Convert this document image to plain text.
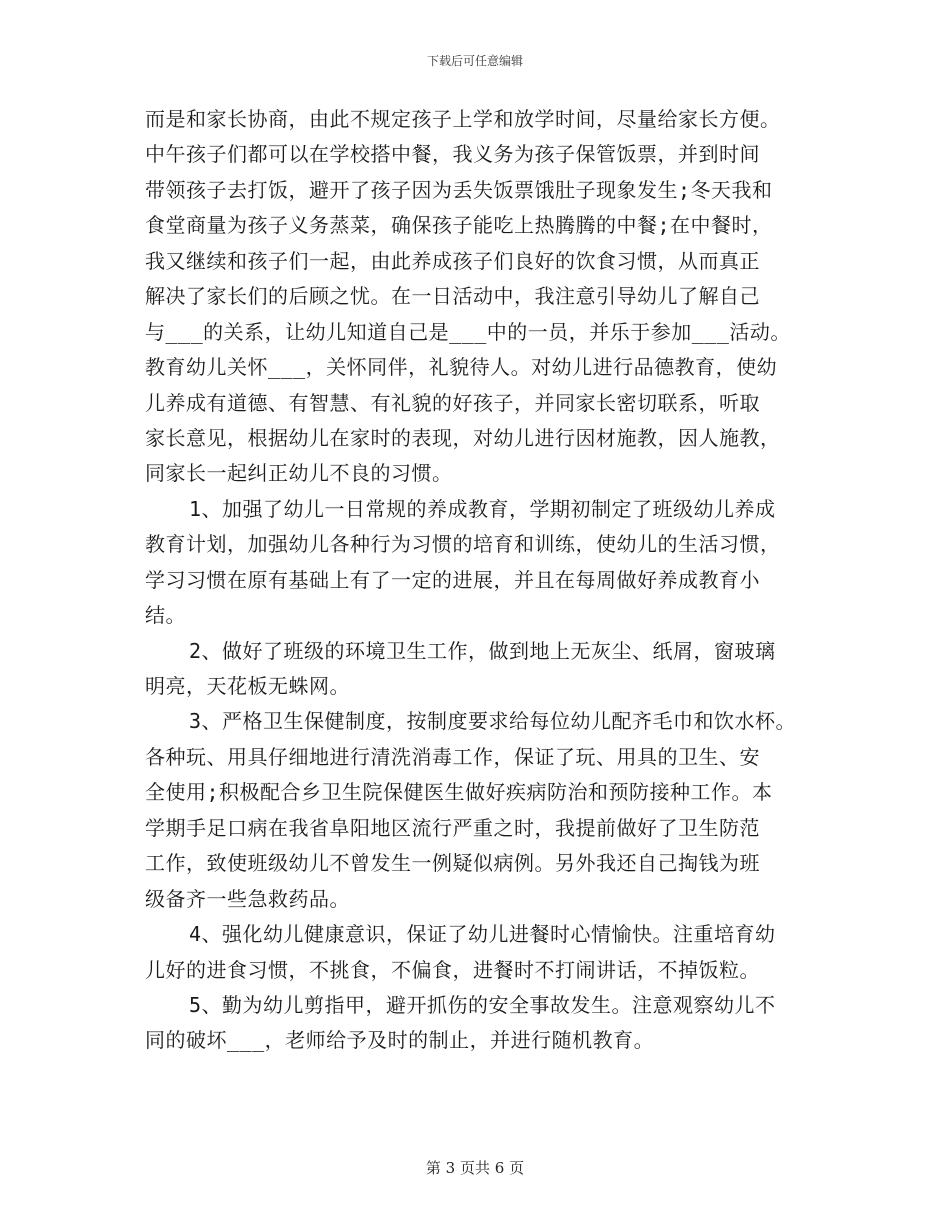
下载后可任意编辑
而是和家长协商，由此不规定孩子上学和放学时间，尽量给家长方便。
中午孩子们都可以在学校搭中餐，我义务为孩子保管饭票，并到时间
带领孩子去打饭，避开了孩子因为丢失饭票饿肚子现象发生;冬天我和
食堂商量为孩子义务蒸菜，确保孩子能吃上热腾腾的中餐;在中餐时，
我又继续和孩子们一起，由此养成孩子们良好的饮食习惯，从而真正
解决了家长们的后顾之忧。在一日活动中，我注意引导幼儿了解自己
与___的关系，让幼儿知道自己是___中的一员，并乐于参加___活动。
教育幼儿关怀___，关怀同伴，礼貌待人。对幼儿进行品德教育，使幼
儿养成有道德、有智慧、有礼貌的好孩子，并同家长密切联系，听取
家长意见，根据幼儿在家时的表现，对幼儿进行因材施教，因人施教，
同家长一起纠正幼儿不良的习惯。
1、加强了幼儿一日常规的养成教育，学期初制定了班级幼儿养成
教育计划，加强幼儿各种行为习惯的培育和训练，使幼儿的生活习惯，
学习习惯在原有基础上有了一定的进展，并且在每周做好养成教育小
结。
2、做好了班级的环境卫生工作，做到地上无灰尘、纸屑，窗玻璃
明亮，天花板无蛛网。
3、严格卫生保健制度，按制度要求给每位幼儿配齐毛巾和饮水杯。
各种玩、用具仔细地进行清洗消毒工作，保证了玩、用具的卫生、安
全使用;积极配合乡卫生院保健医生做好疾病防治和预防接种工作。本
学期手足口病在我省阜阳地区流行严重之时，我提前做好了卫生防范
工作，致使班级幼儿不曾发生一例疑似病例。另外我还自己掏钱为班
级备齐一些急救药品。
4、强化幼儿健康意识，保证了幼儿进餐时心情愉快。注重培育幼
儿好的进食习惯，不挑食，不偏食，进餐时不打闹讲话，不掉饭粒。
5、勤为幼儿剪指甲，避开抓伤的安全事故发生。注意观察幼儿不
同的破坏___，老师给予及时的制止，并进行随机教育。
第 3 页共 6 页
